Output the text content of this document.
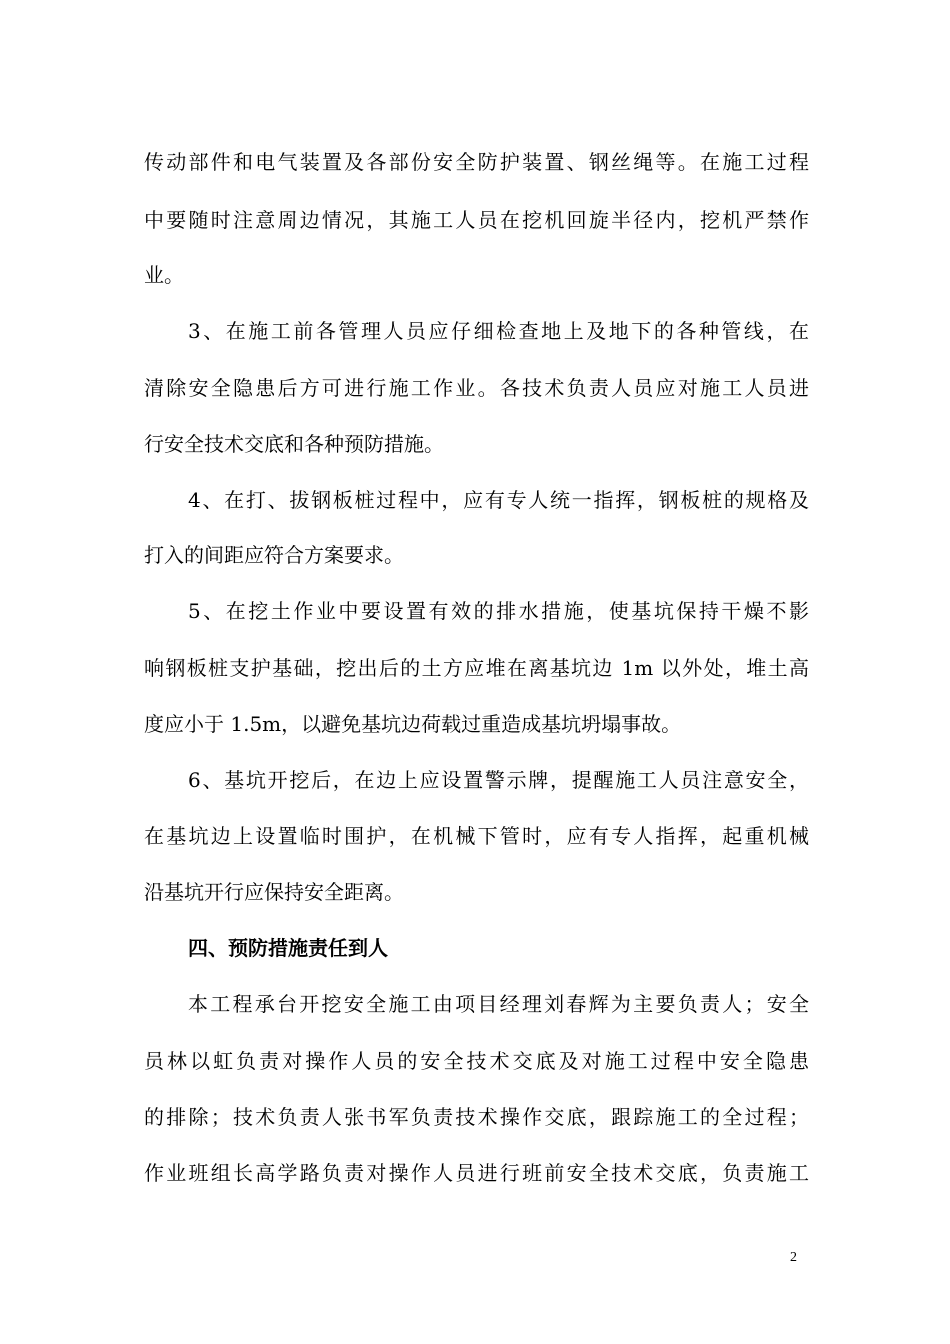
传动部件和电气装置及各部份安全防护装置、钢丝绳等。在施工过程
中要随时注意周边情况，其施工人员在挖机回旋半径内，挖机严禁作
业。
3、在施工前各管理人员应仔细检查地上及地下的各种管线，在
清除安全隐患后方可进行施工作业。各技术负责人员应对施工人员进
行安全技术交底和各种预防措施。
4、在打、拔钢板桩过程中，应有专人统一指挥，钢板桩的规格及
打入的间距应符合方案要求。
5、在挖土作业中要设置有效的排水措施，使基坑保持干燥不影
响钢板桩支护基础，挖出后的土方应堆在离基坑边 1m 以外处，堆土高
度应小于 1.5m，以避免基坑边荷载过重造成基坑坍塌事故。
6、基坑开挖后，在边上应设置警示牌，提醒施工人员注意安全，
在基坑边上设置临时围护，在机械下管时，应有专人指挥，起重机械
沿基坑开行应保持安全距离。
四、预防措施责任到人
本工程承台开挖安全施工由项目经理刘春辉为主要负责人；安全
员林以虹负责对操作人员的安全技术交底及对施工过程中安全隐患
的排除；技术负责人张书军负责技术操作交底，跟踪施工的全过程；
作业班组长高学路负责对操作人员进行班前安全技术交底，负责施工
2
